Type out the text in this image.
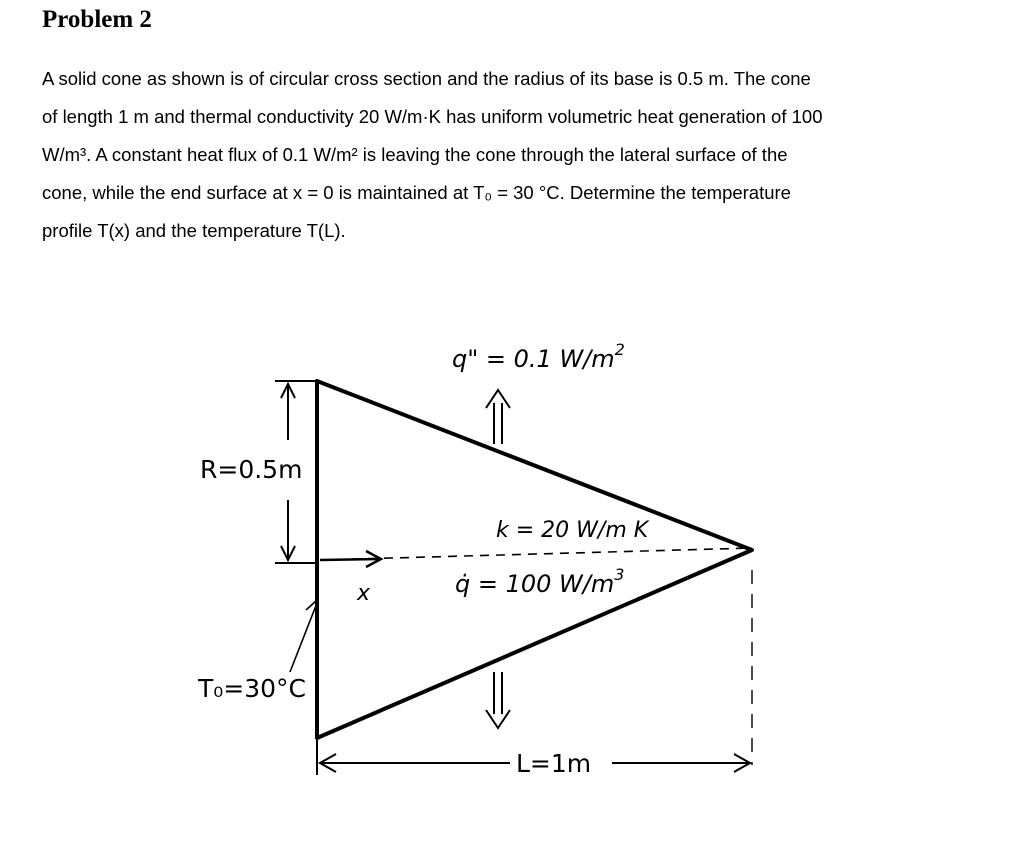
Problem 2
A solid cone as shown is of circular cross section and the radius of its base is 0.5 m. The cone
of length 1 m and thermal conductivity 20 W/m·K has uniform volumetric heat generation of 100
W/m³. A constant heat flux of 0.1 W/m² is leaving the cone through the lateral surface of the
cone, while the end surface at x = 0 is maintained at T₀ = 30 °C. Determine the temperature
profile T(x) and the temperature T(L).
x
R=0.5m
q" = 0.1 $W/m^2$
k = 20 W/m K
q̇ = 100 $W/m^3$
T₀=30°C
L=1m
